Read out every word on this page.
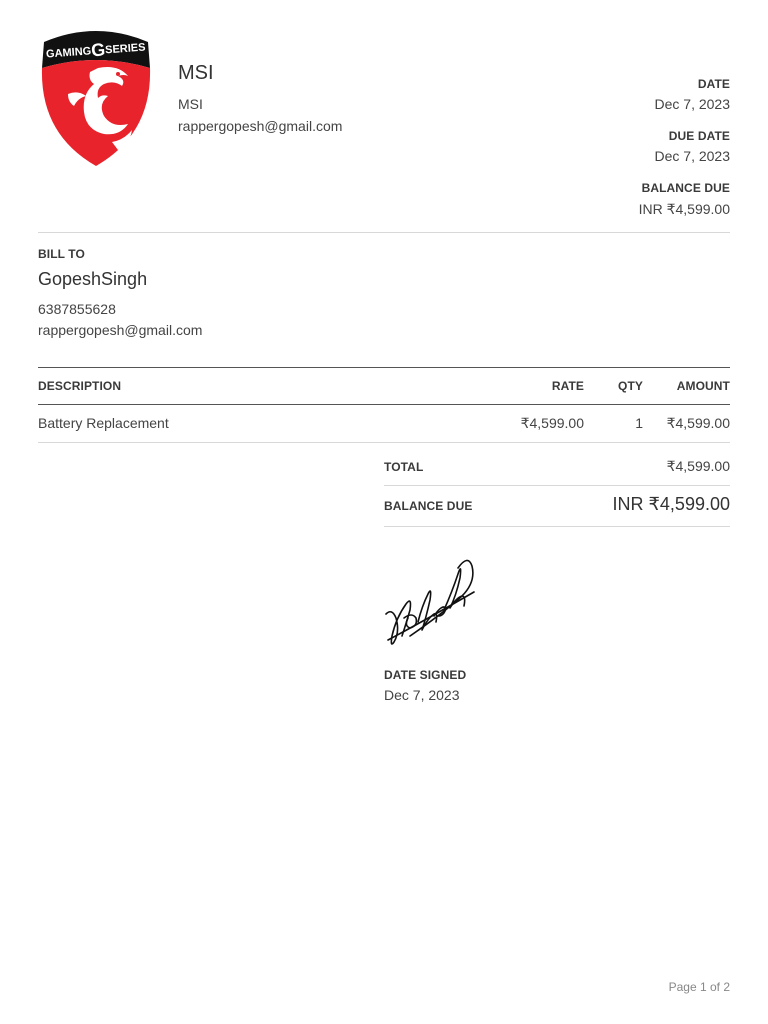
GAMINGGSERIES
MSI
MSI
rappergopesh@gmail.com
DATE
Dec 7, 2023
DUE DATE
Dec 7, 2023
BALANCE DUE
INR ₹4,599.00
BILL TO
GopeshSingh
6387855628
rappergopesh@gmail.com
DESCRIPTION	RATE	QTY	AMOUNT
Battery Replacement	₹4,599.00	1 ₹4,599.00
TOTAL	₹4,599.00
BALANCE DUE	INR ₹4,599.00
DATE SIGNED
Dec 7, 2023
Page 1 of 2
